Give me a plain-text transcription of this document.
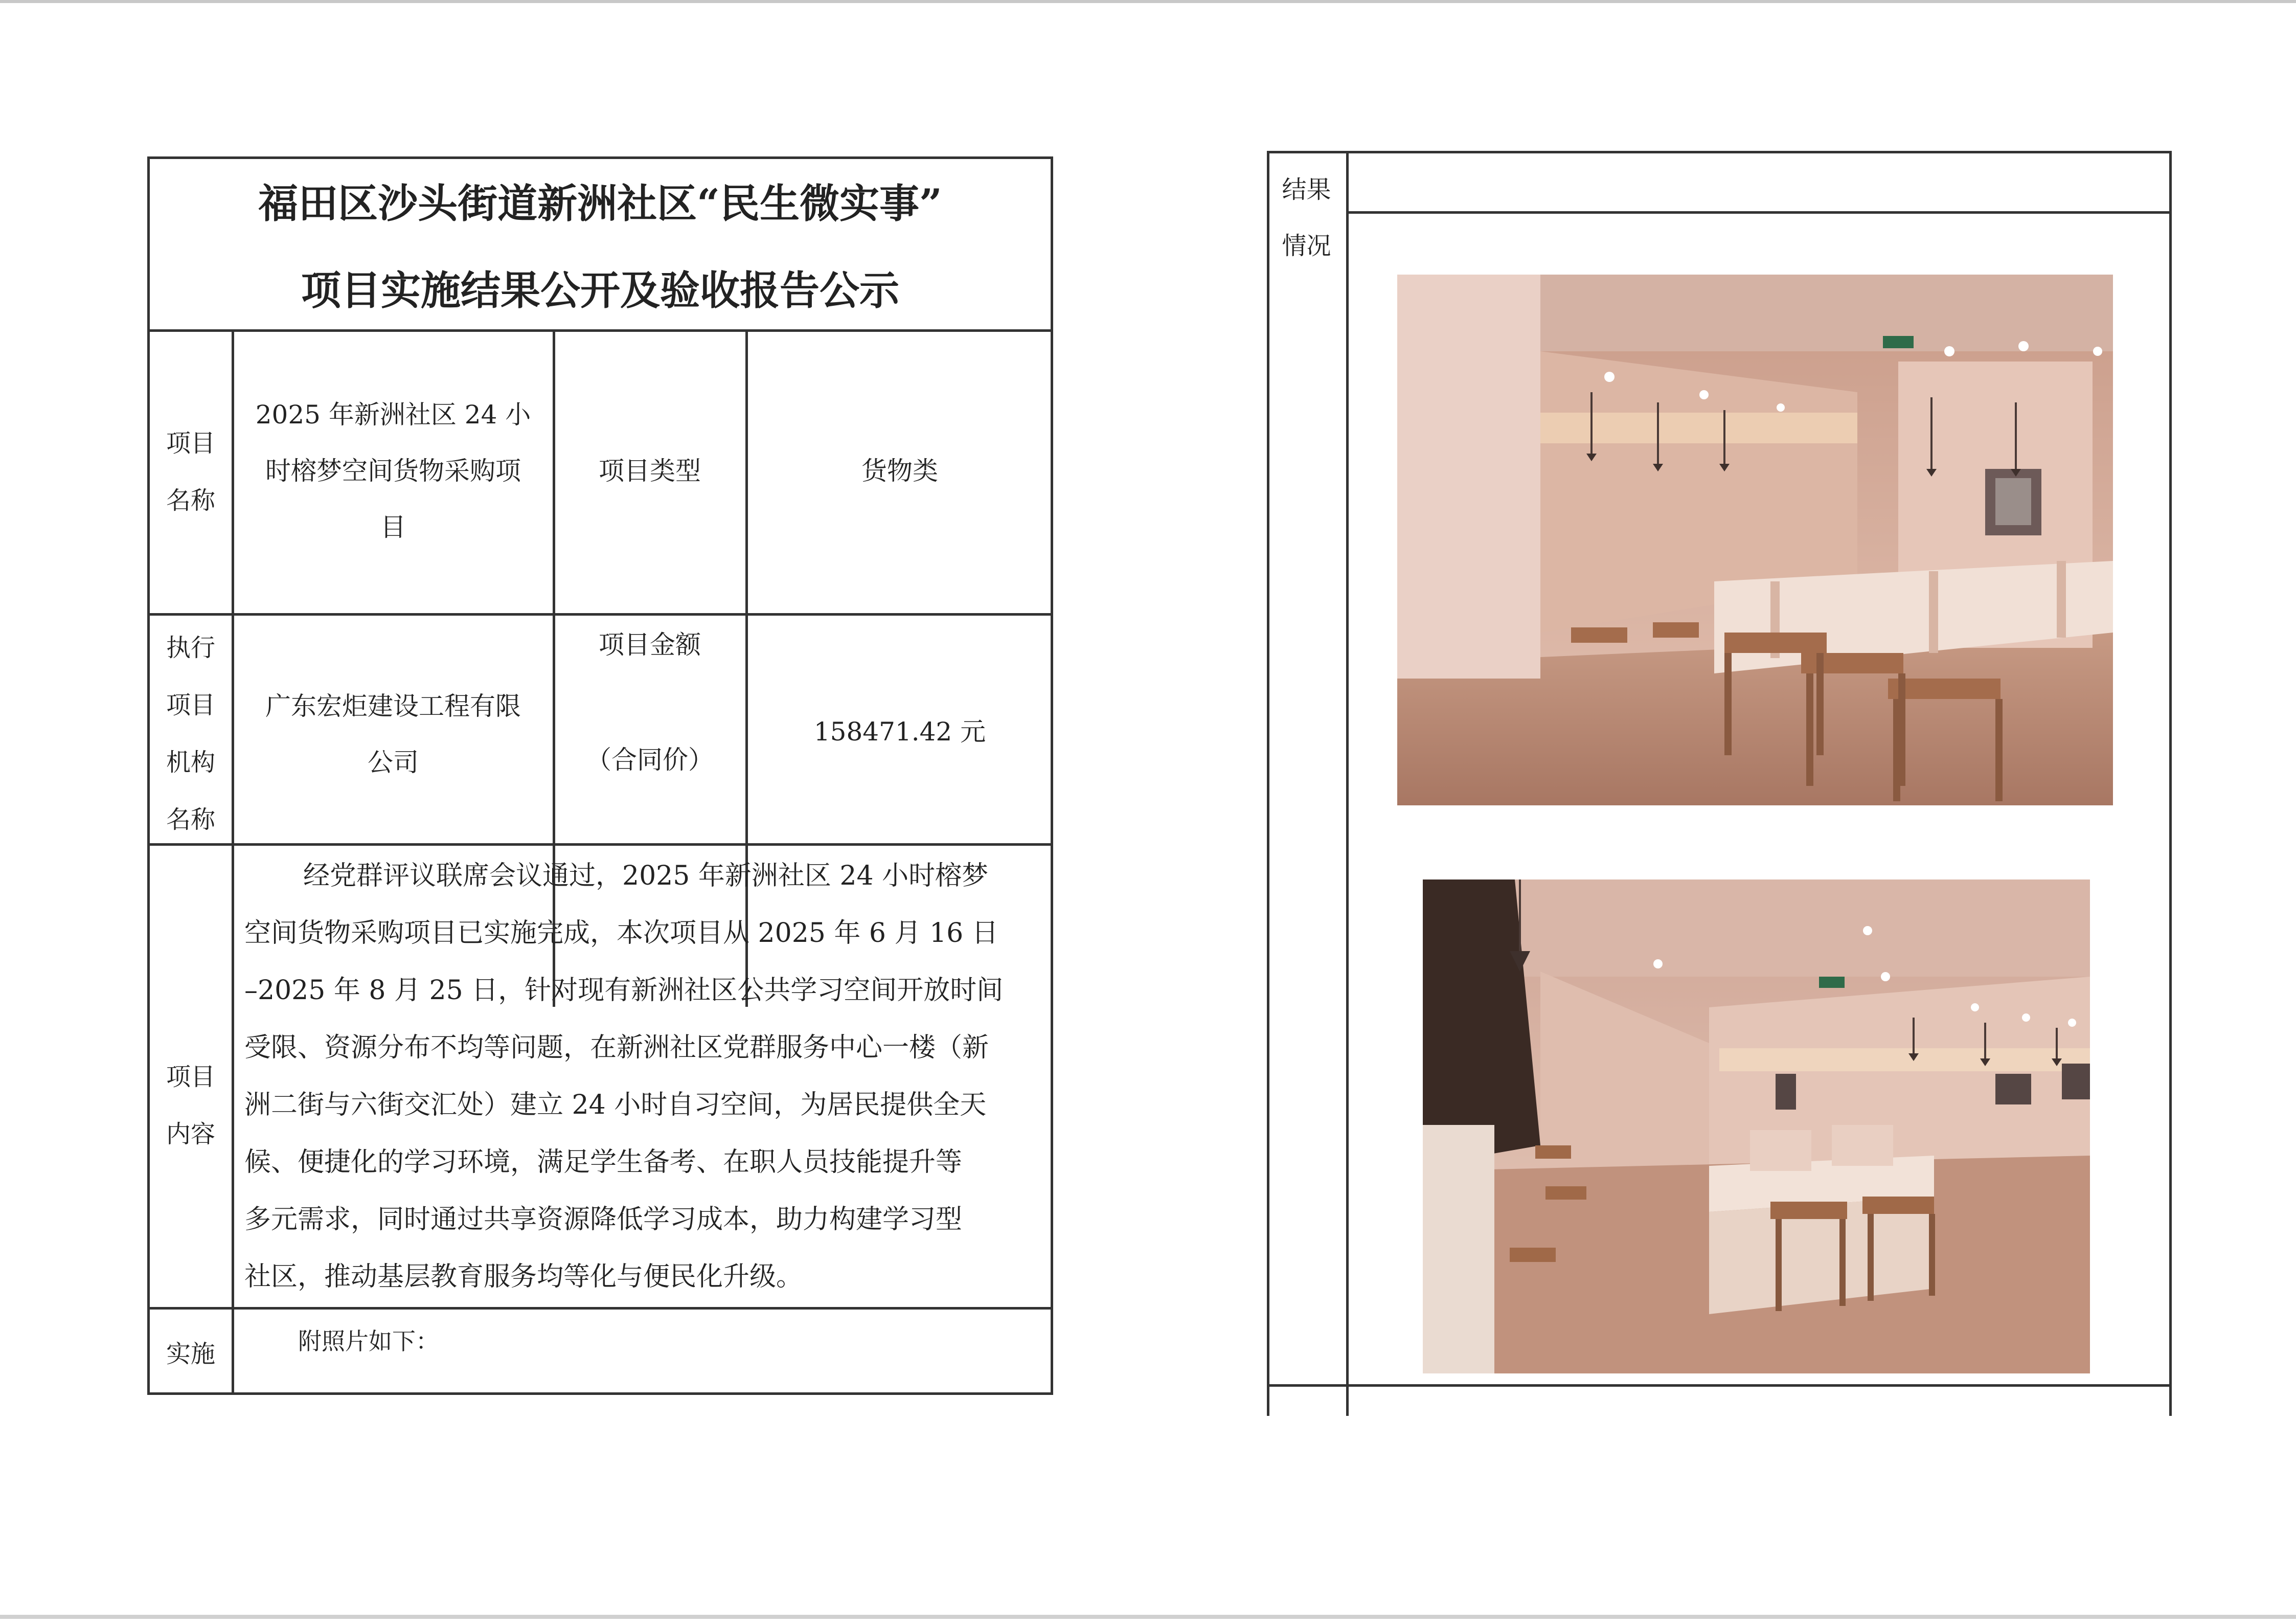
福田区沙头街道新洲社区“民生微实事”
项目实施结果公开及验收报告公示
项目
名称
2025 年新洲社区 24 小
时榕梦空间货物采购项
目
项目类型	货物类
执行
项目
机构
名称
广东宏炬建设工程有限
公司
项目金额
（合同价）
158471.42 元
项目
内容
经党群评议联席会议通过，2025 年新洲社区 24 小时榕梦
空间货物采购项目已实施完成，本次项目从 2025 年 6 月 16 日
–2025 年 8 月 25 日，针对现有新洲社区公共学习空间开放时间
受限、资源分布不均等问题，在新洲社区党群服务中心一楼（新
洲二街与六街交汇处）建立 24 小时自习空间，为居民提供全天
候、便捷化的学习环境，满足学生备考、在职人员技能提升等
多元需求，同时通过共享资源降低学习成本，助力构建学习型
社区，推动基层教育服务均等化与便民化升级。
实施	附照片如下：
结果
情况
